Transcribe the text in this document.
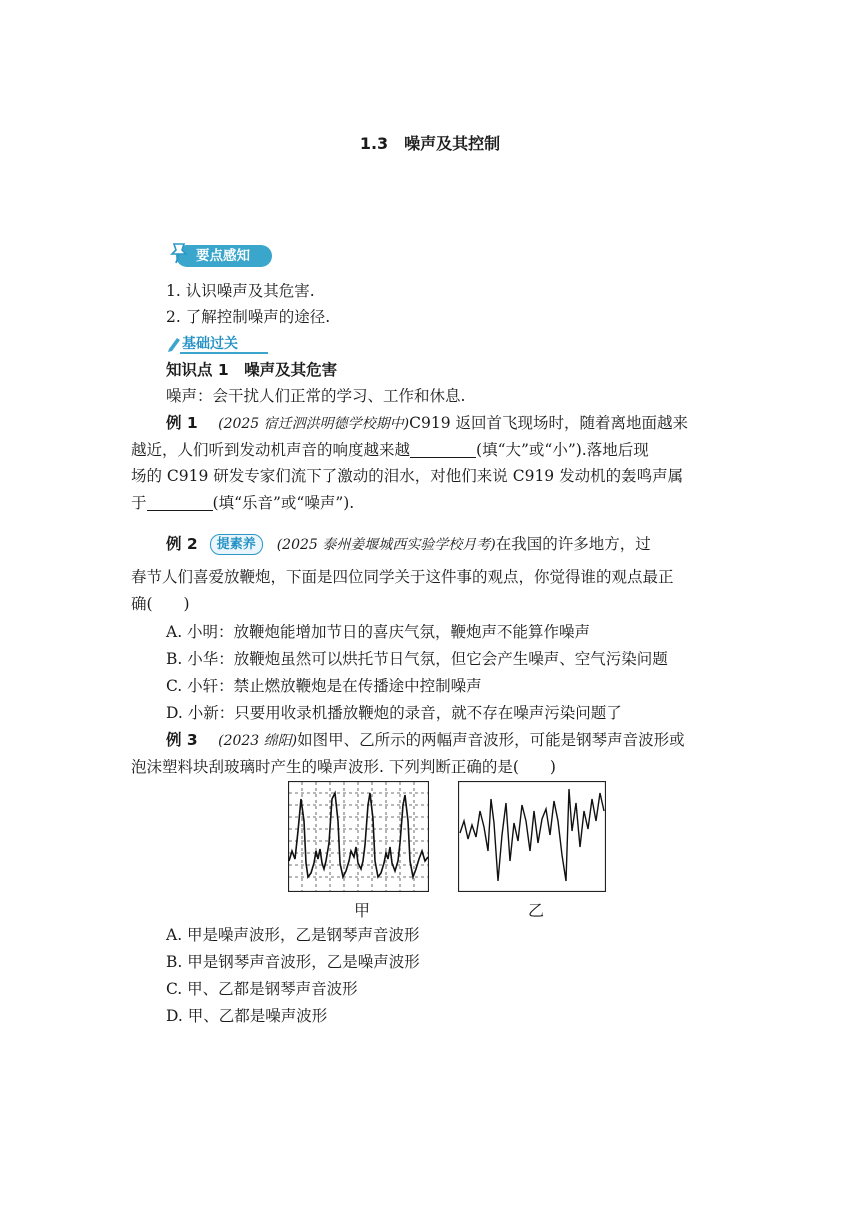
1.3　噪声及其控制
要点感知
1. 认识噪声及其危害.
2. 了解控制噪声的途径.
基础过关
知识点 1　噪声及其危害
噪声：会干扰人们正常的学习、工作和休息.
例 1　 (2025 宿迁泗洪明德学校期中)C919 返回首飞现场时，随着离地面越来
越近，人们听到发动机声音的响度越来越	(填“大”或“小”).落地后现
场的 C919 研发专家们流下了激动的泪水，对他们来说 C919 发动机的轰鸣声属
于	(填“乐音”或“噪声”).
例 2 提素养 (2025 泰州姜堰城西实验学校月考)在我国的许多地方，过
春节人们喜爱放鞭炮，下面是四位同学关于这件事的观点，你觉得谁的观点最正
确(　　)
A. 小明：放鞭炮能增加节日的喜庆气氛，鞭炮声不能算作噪声
B. 小华：放鞭炮虽然可以烘托节日气氛，但它会产生噪声、空气污染问题
C. 小轩：禁止燃放鞭炮是在传播途中控制噪声
D. 小新：只要用收录机播放鞭炮的录音，就不存在噪声污染问题了
例 3　 (2023 绵阳)如图甲、乙所示的两幅声音波形，可能是钢琴声音波形或
泡沫塑料块刮玻璃时产生的噪声波形. 下列判断正确的是(　　)
甲	乙
A. 甲是噪声波形，乙是钢琴声音波形
B. 甲是钢琴声音波形，乙是噪声波形
C. 甲、乙都是钢琴声音波形
D. 甲、乙都是噪声波形
